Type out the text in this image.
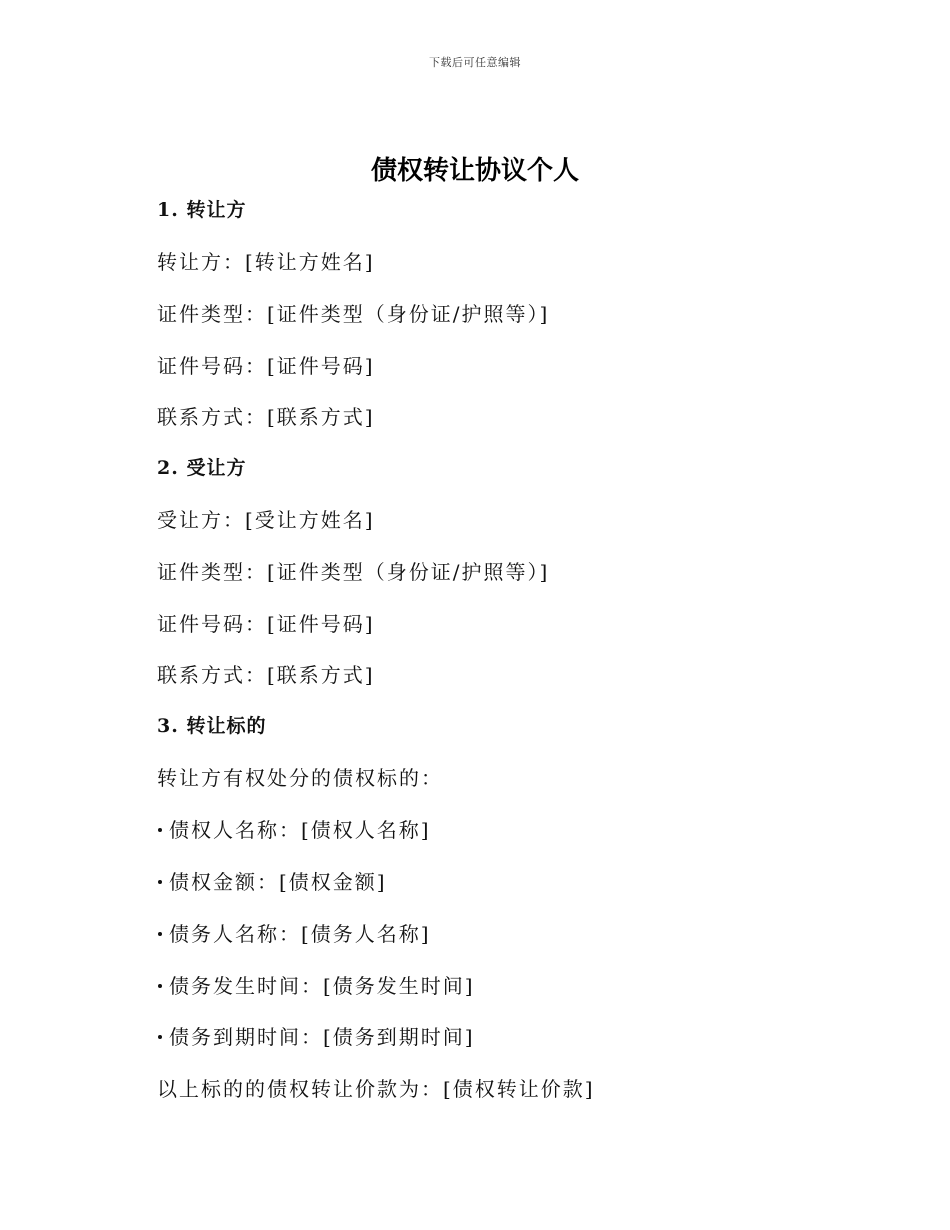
下载后可任意编辑
债权转让协议个人

1. 转让方

转让方：[转让方姓名]

证件类型：[证件类型（身份证/护照等）]

证件号码：[证件号码]

联系方式：[联系方式]

2. 受让方

受让方：[受让方姓名]

证件类型：[证件类型（身份证/护照等）]

证件号码：[证件号码]

联系方式：[联系方式]

3. 转让标的

转让方有权处分的债权标的：

债权人名称：[债权人名称]

债权金额：[债权金额]

债务人名称：[债务人名称]

债务发生时间：[债务发生时间]

债务到期时间：[债务到期时间]

以上标的的债权转让价款为：[债权转让价款]
